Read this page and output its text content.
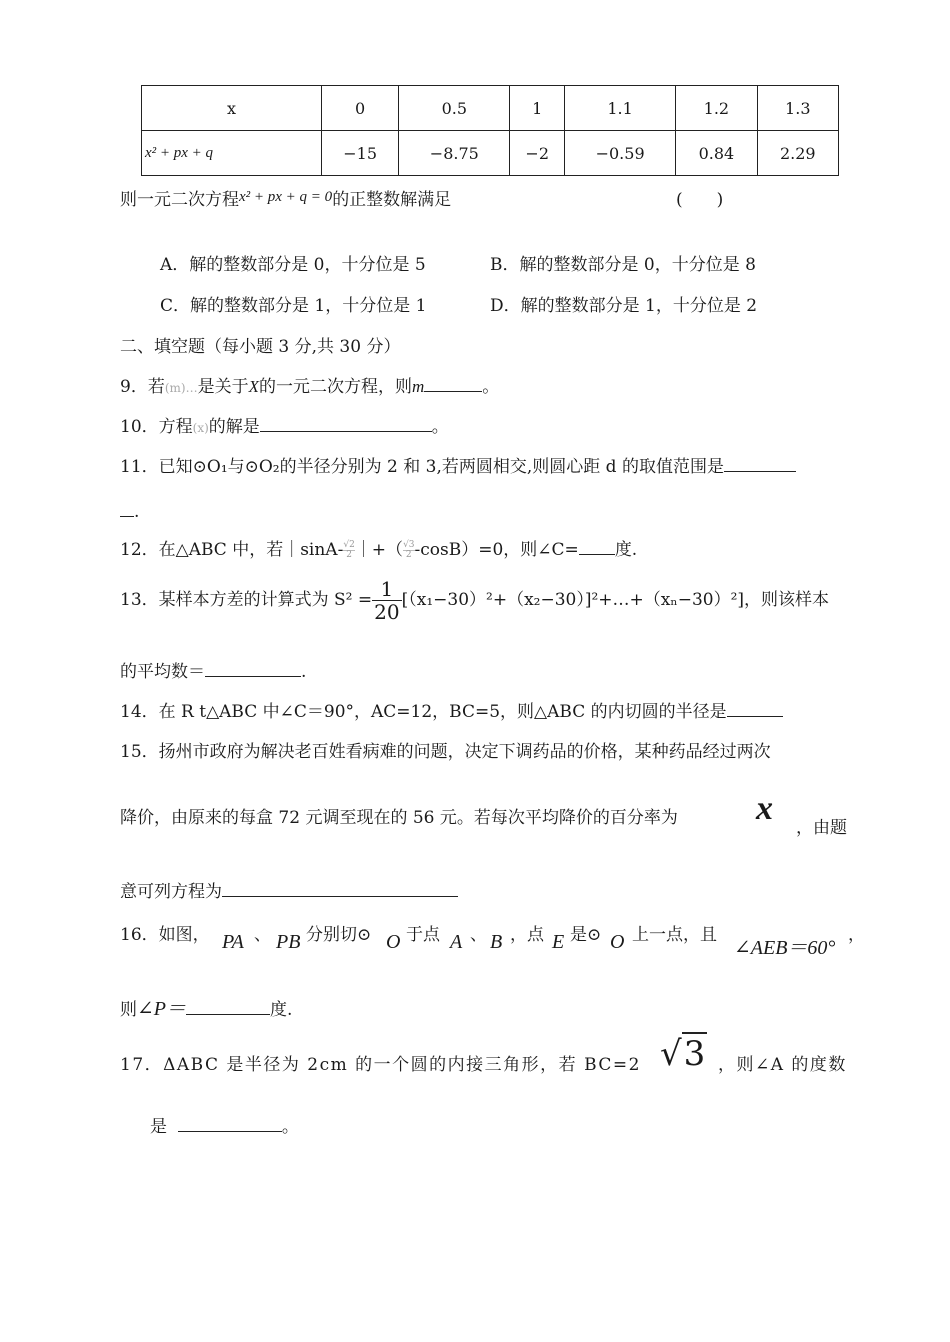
x	0	0.5	1	1.1	1.2	1.3
x² + px + q	−15	−8.75	−2	−0.59	0.84	2.29
则一元二次方程x² + px + q = 0的正整数解满足	(　　)
A．解的整数部分是 0，十分位是 5	B．解的整数部分是 0，十分位是 8
C．解的整数部分是 1，十分位是 1	D．解的整数部分是 1，十分位是 2
二、填空题（每小题 3 分,共 30 分）
9．若(m)…是关于X的一元二次方程，则m	。
10．方程(x)的解是	。
11．已知⊙O₁与⊙O₂的半径分别为 2 和 3,若两圆相交,则圆心距 d 的取值范围是
.
12．在△ABC 中，若｜sinA- $\frac{√2}{2}|+( \frac{√3}{2}-\cos B)=0$，则∠C= 度.
13．某样本方差的计算式为 $S^2 = \frac{1}{20}$ [（x₁−30）²+（x₂−30）]²+…+（xₙ−30）²]，则该样本
的平均数＝	.
14．在 R t△ABC 中∠C＝90°，AC=12，BC=5，则△ABC 的内切圆的半径是
15．扬州市政府为解决老百姓看病难的问题，决定下调药品的价格，某种药品经过两次
降价，由原来的每盒 72 元调至现在的 56 元。若每次平均降价的百分率为 x
，由题
意可列方程为
16．如图， PA 、 PB 分别切⊙ O 于点 A 、 B ，点 E 是⊙ O 上一点，且
∠AEB＝60°
，
则∠P＝	度.
17．ΔABC 是半径为 2cm 的一个圆的内接三角形，若 BC=2 √3 ，则∠A 的度数
是	。
